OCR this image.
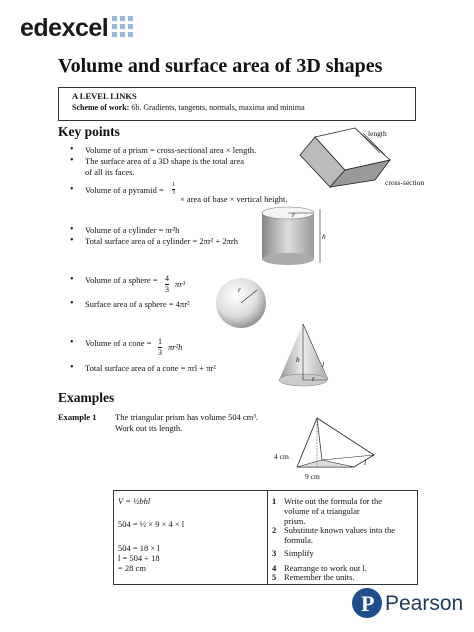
edexcel
Volume and surface area of 3D shapes
A LEVEL LINKS
Scheme of work: 6b. Gradients, tangents, normals, maxima and minima
Key points
• Volume of a prism = cross-sectional area × length.
• The surface area of a 3D shape is the total area
of all its faces.
• Volume of a pyramid = $\frac{1}{3}$
× area of base × vertical height.
• Volume of a cylinder = πr²h
• Total surface area of a cylinder = 2πr² + 2πrh
• Volume of a sphere = $\frac{4}{3} \pi r^3$
• Surface area of a sphere = 4πr²
• Volume of a cone = $\frac{1}{3} \pi r^2h$
• Total surface area of a cone = πrl + πr²
length
cross-section
r
h
r
h
r
l
Examples
Example 1 The triangular prism has volume 504 cm³.
Work out its length.
4 cm
9 cm
l
V = ½bhl
504 = ½ × 9 × 4 × l
504 = 18 × l
l = 504 ÷ 18
= 28 cm
1 Write out the formula for the
volume of a triangular
prism.
2 Substitute known values into the
formula.
3 Simplify
4 Rearrange to work out l.
5 Remember the units.
P Pearson
